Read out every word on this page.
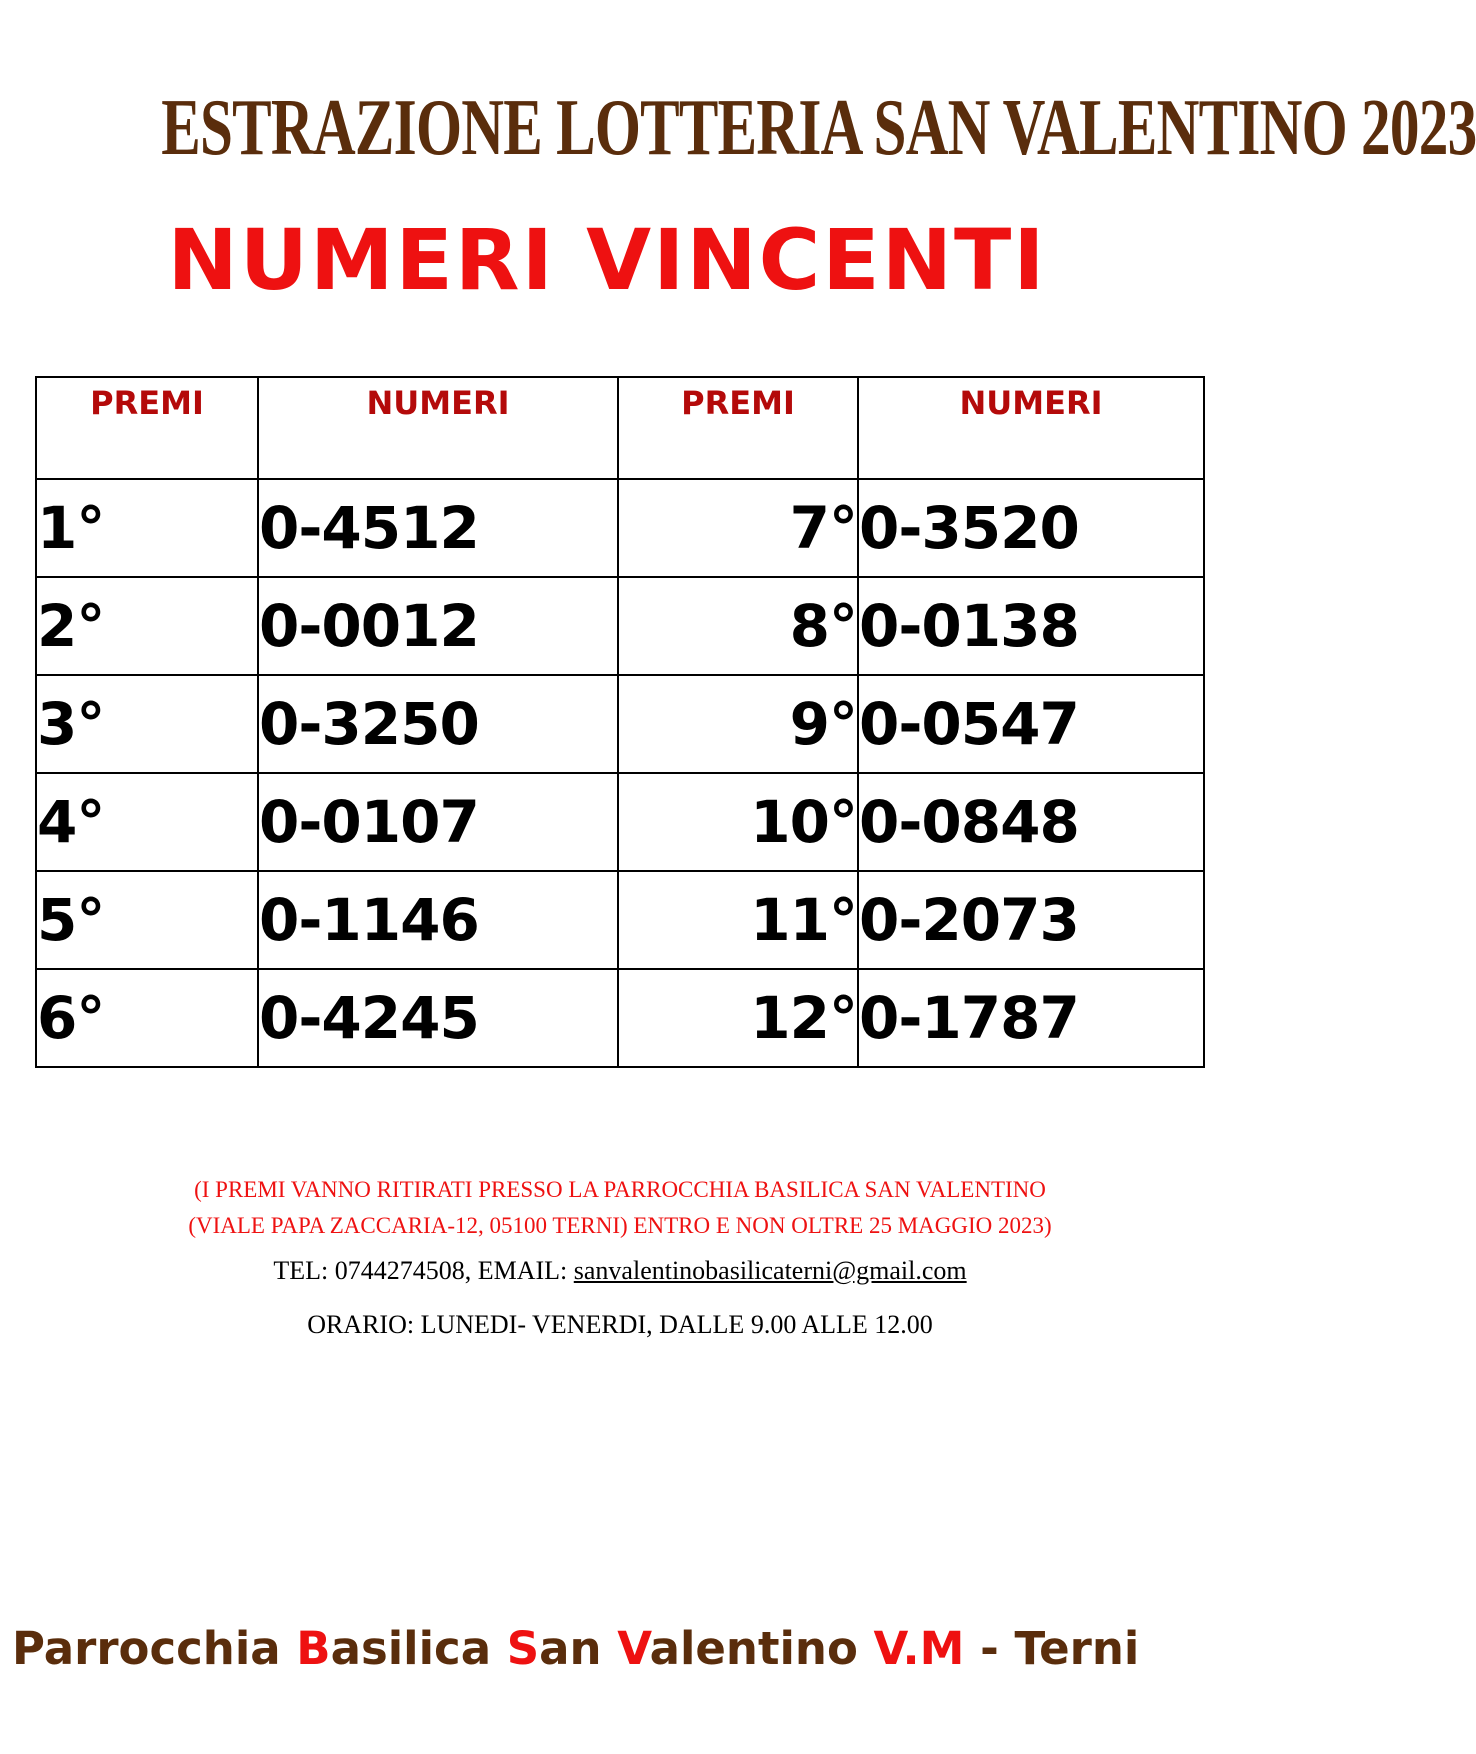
ESTRAZIONE LOTTERIA SAN VALENTINO 2023
NUMERI VINCENTI
PREMI	NUMERI	PREMI	NUMERI
1°	0-4512	7°	0-3520
2°	0-0012	8°	0-0138
3°	0-3250	9°	0-0547
4°	0-0107	10°	0-0848
5°	0-1146	11°	0-2073
6°	0-4245	12°	0-1787
(I PREMI VANNO RITIRATI PRESSO LA PARROCCHIA BASILICA SAN VALENTINO
(VIALE PAPA ZACCARIA-12, 05100 TERNI) ENTRO E NON OLTRE 25 MAGGIO 2023)
TEL: 0744274508, EMAIL: sanvalentinobasilicaterni@gmail.com
ORARIO: LUNEDI- VENERDI, DALLE 9.00 ALLE 12.00
Parrocchia Basilica San Valentino V.M - Terni
